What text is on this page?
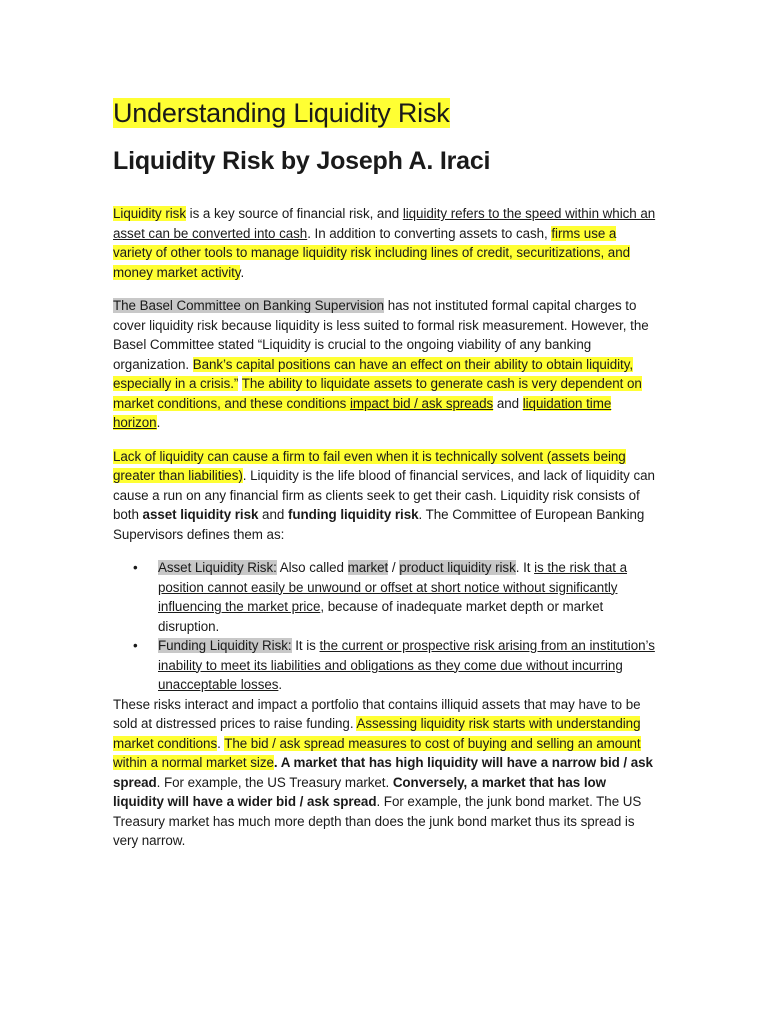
Understanding Liquidity Risk
Liquidity Risk by Joseph A. Iraci

Liquidity risk is a key source of financial risk, and liquidity refers to the speed within which an asset can be converted into cash. In addition to converting assets to cash, firms use a variety of other tools to manage liquidity risk including lines of credit, securitizations, and money market activity.

The Basel Committee on Banking Supervision has not instituted formal capital charges to cover liquidity risk because liquidity is less suited to formal risk measurement. However, the Basel Committee stated “Liquidity is crucial to the ongoing viability of any banking organization. Bank’s capital positions can have an effect on their ability to obtain liquidity, especially in a crisis.” The ability to liquidate assets to generate cash is very dependent on market conditions, and these conditions impact bid / ask spreads and liquidation time horizon.

Lack of liquidity can cause a firm to fail even when it is technically solvent (assets being greater than liabilities). Liquidity is the life blood of financial services, and lack of liquidity can cause a run on any financial firm as clients seek to get their cash. Liquidity risk consists of both asset liquidity risk and funding liquidity risk. The Committee of European Banking Supervisors defines them as:

• Asset Liquidity Risk: Also called market / product liquidity risk. It is the risk that a position cannot easily be unwound or offset at short notice without significantly influencing the market price, because of inadequate market depth or market disruption.
• Funding Liquidity Risk: It is the current or prospective risk arising from an institution’s inability to meet its liabilities and obligations as they come due without incurring unacceptable losses.

These risks interact and impact a portfolio that contains illiquid assets that may have to be sold at distressed prices to raise funding. Assessing liquidity risk starts with understanding market conditions. The bid / ask spread measures to cost of buying and selling an amount within a normal market size. A market that has high liquidity will have a narrow bid / ask spread. For example, the US Treasury market. Conversely, a market that has low liquidity will have a wider bid / ask spread. For example, the junk bond market. The US Treasury market has much more depth than does the junk bond market thus its spread is very narrow.
